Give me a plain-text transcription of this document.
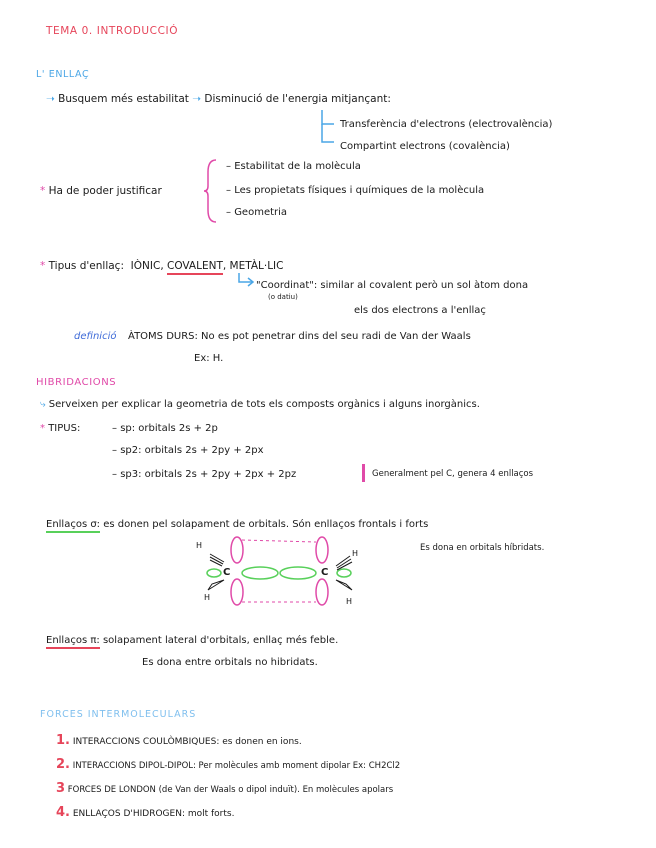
TEMA 0. INTRODUCCIÓ
L' ENLLAÇ
➝ Busquem més estabilitat ➝ Disminució de l'energia mitjançant:
Transferència d'electrons (electrovalència)
Compartint electrons (covalència)
* Ha de poder justificar
– Estabilitat de la molècula
– Les propietats físiques i químiques de la molècula
– Geometria
* Tipus d'enllaç: IÒNIC, COVALENT, METÀL·LIC
"Coordinat": similar al covalent però un sol àtom dona
(o datiu)
els dos electrons a l'enllaç
definició ÀTOMS DURS: No es pot penetrar dins del seu radi de Van der Waals
Ex: H.
HIBRIDACIONS
⤷ Serveixen per explicar la geometria de tots els composts orgànics i alguns inorgànics.
* TIPUS:	– sp: orbitals 2s + 2p
– sp2: orbitals 2s + 2py + 2px
– sp3: orbitals 2s + 2py + 2px + 2pz	Generalment pel C, genera 4 enllaços
Enllaços σ: es donen pel solapament de orbitals. Són enllaços frontals i forts
Es dona en orbitals híbridats.
H
H
H	H
C	C
Enllaços π: solapament lateral d'orbitals, enllaç més feble.
Es dona entre orbitals no hibridats.
FORCES INTERMOLECULARS
1. INTERACCIONS COULÒMBIQUES: es donen en ions.
2. INTERACCIONS DIPOL-DIPOL: Per molècules amb moment dipolar Ex: CH2Cl2
3 FORCES DE LONDON (de Van der Waals o dipol induït). En molècules apolars
4. ENLLAÇOS D'HIDROGEN: molt forts.
